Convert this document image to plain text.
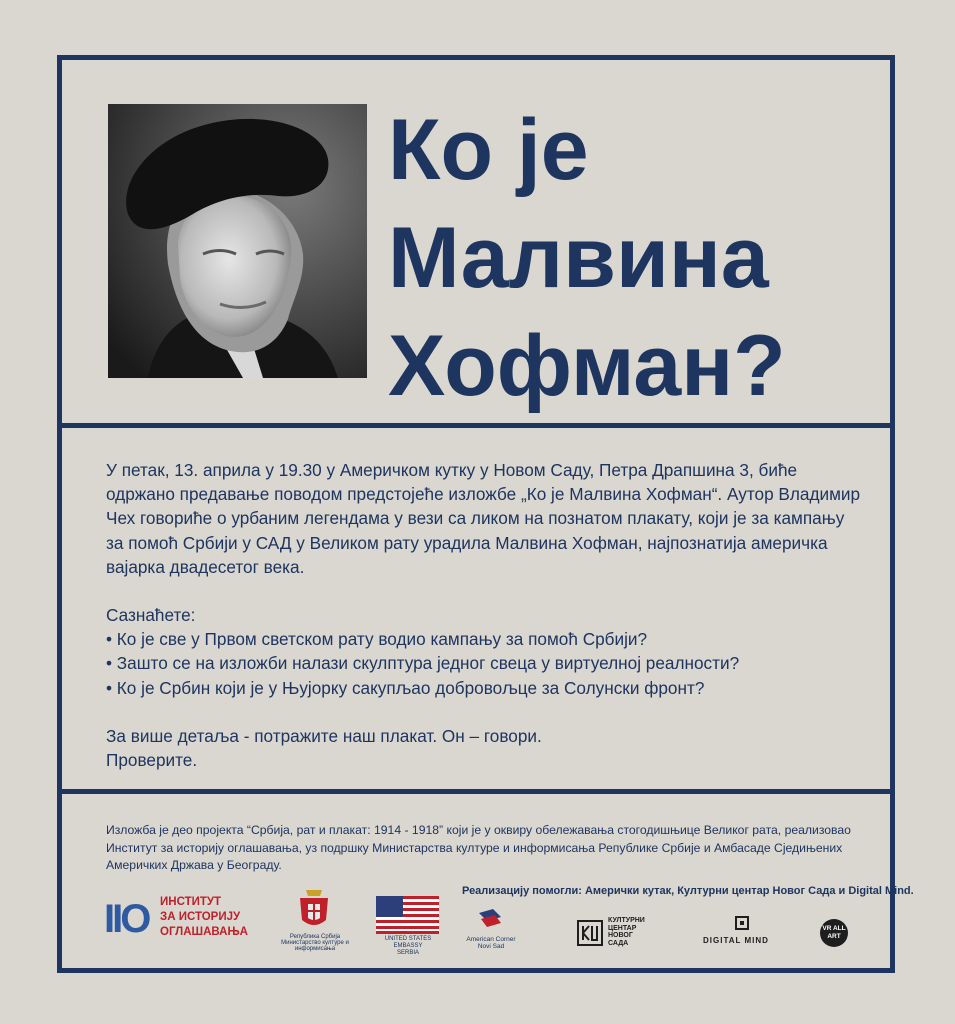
Ко је
Малвина
Хофман?

У петак, 13. априла у 19.30 у Америчком кутку у Новом Саду, Петра Драпшина 3, биће одржано предавање поводом предстојеће изложбе „Ко је Малвина Хофман“. Аутор Владимир Чех говориће о урбаним легендама у вези са ликом на познатом плакату, који је за кампању за помоћ Србији у САД у Великом рату урадила Малвина Хофман, најпознатија америчка вајарка двадесетог века.

Сазнаћете:

• Ко је све у Првом светском рату водио кампању за помоћ Србији?

• Зашто се на изложби налази скулптура једног свеца у виртуелној реалности?

• Ко је Србин који је у Њујорку сакупљао добровољце за Солунски фронт?

За више детаља - потражите наш плакат. Он – говори.

Проверите.

Изложба је део пројекта “Србија, рат и плакат: 1914 - 1918” који је у оквиру обележавања стогодишњице Великог рата, реализовао Институт за историју оглашавања, уз подршку Министарства културе и информисања Републике Србије и Амбасаде Сједињених Америчких Држава у Београду.
Реализацију помогли: Амерички кутак, Културни центар Новог Сада и Digital Mind.
IIO ИНСТИТУТ
ЗА ИСТОРИЈУ
ОГЛАШАВАЊА	Република Србија
Министарство културе и информисања
UNITED STATES EMBASSY
SERBIA
American Corner
Novi Sad
КУЛТУРНИ
ЦЕНТАР
НОВОГ
САДА	DIGITAL MIND
VR ALL ART
